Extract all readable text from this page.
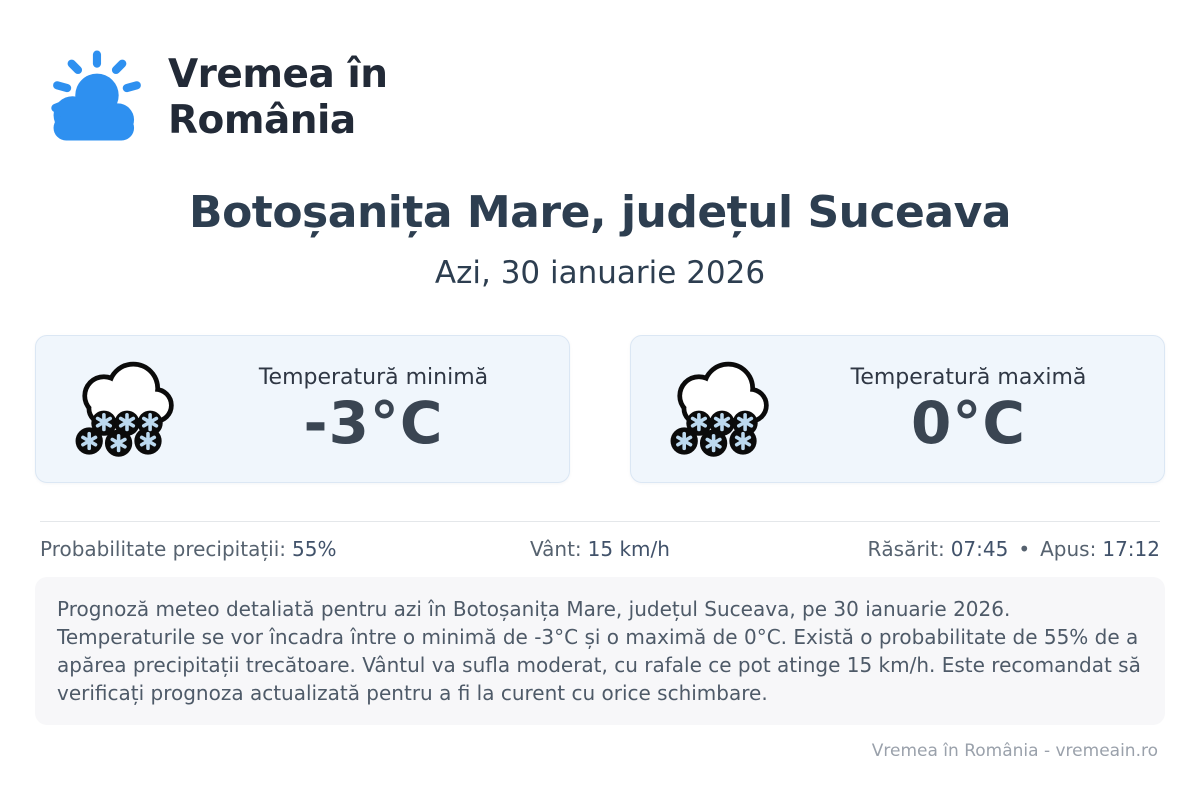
Vremea în
România
Botoșanița Mare, județul Suceava
Azi, 30 ianuarie 2026
Temperatură minimă
-3°C
Temperatură maximă
0°C
Probabilitate precipitații: 55%	Vânt: 15 km/h	Răsărit: 07:45 • Apus: 17:12
Prognoză meteo detaliată pentru azi în Botoșanița Mare, județul Suceava, pe 30 ianuarie 2026. Temperaturile se vor încadra între o minimă de -3°C și o maximă de 0°C. Există o probabilitate de 55% de a apărea precipitații trecătoare. Vântul va sufla moderat, cu rafale ce pot atinge 15 km/h. Este recomandat să verificați prognoza actualizată pentru a fi la curent cu orice schimbare.
Vremea în România - vremeain.ro
